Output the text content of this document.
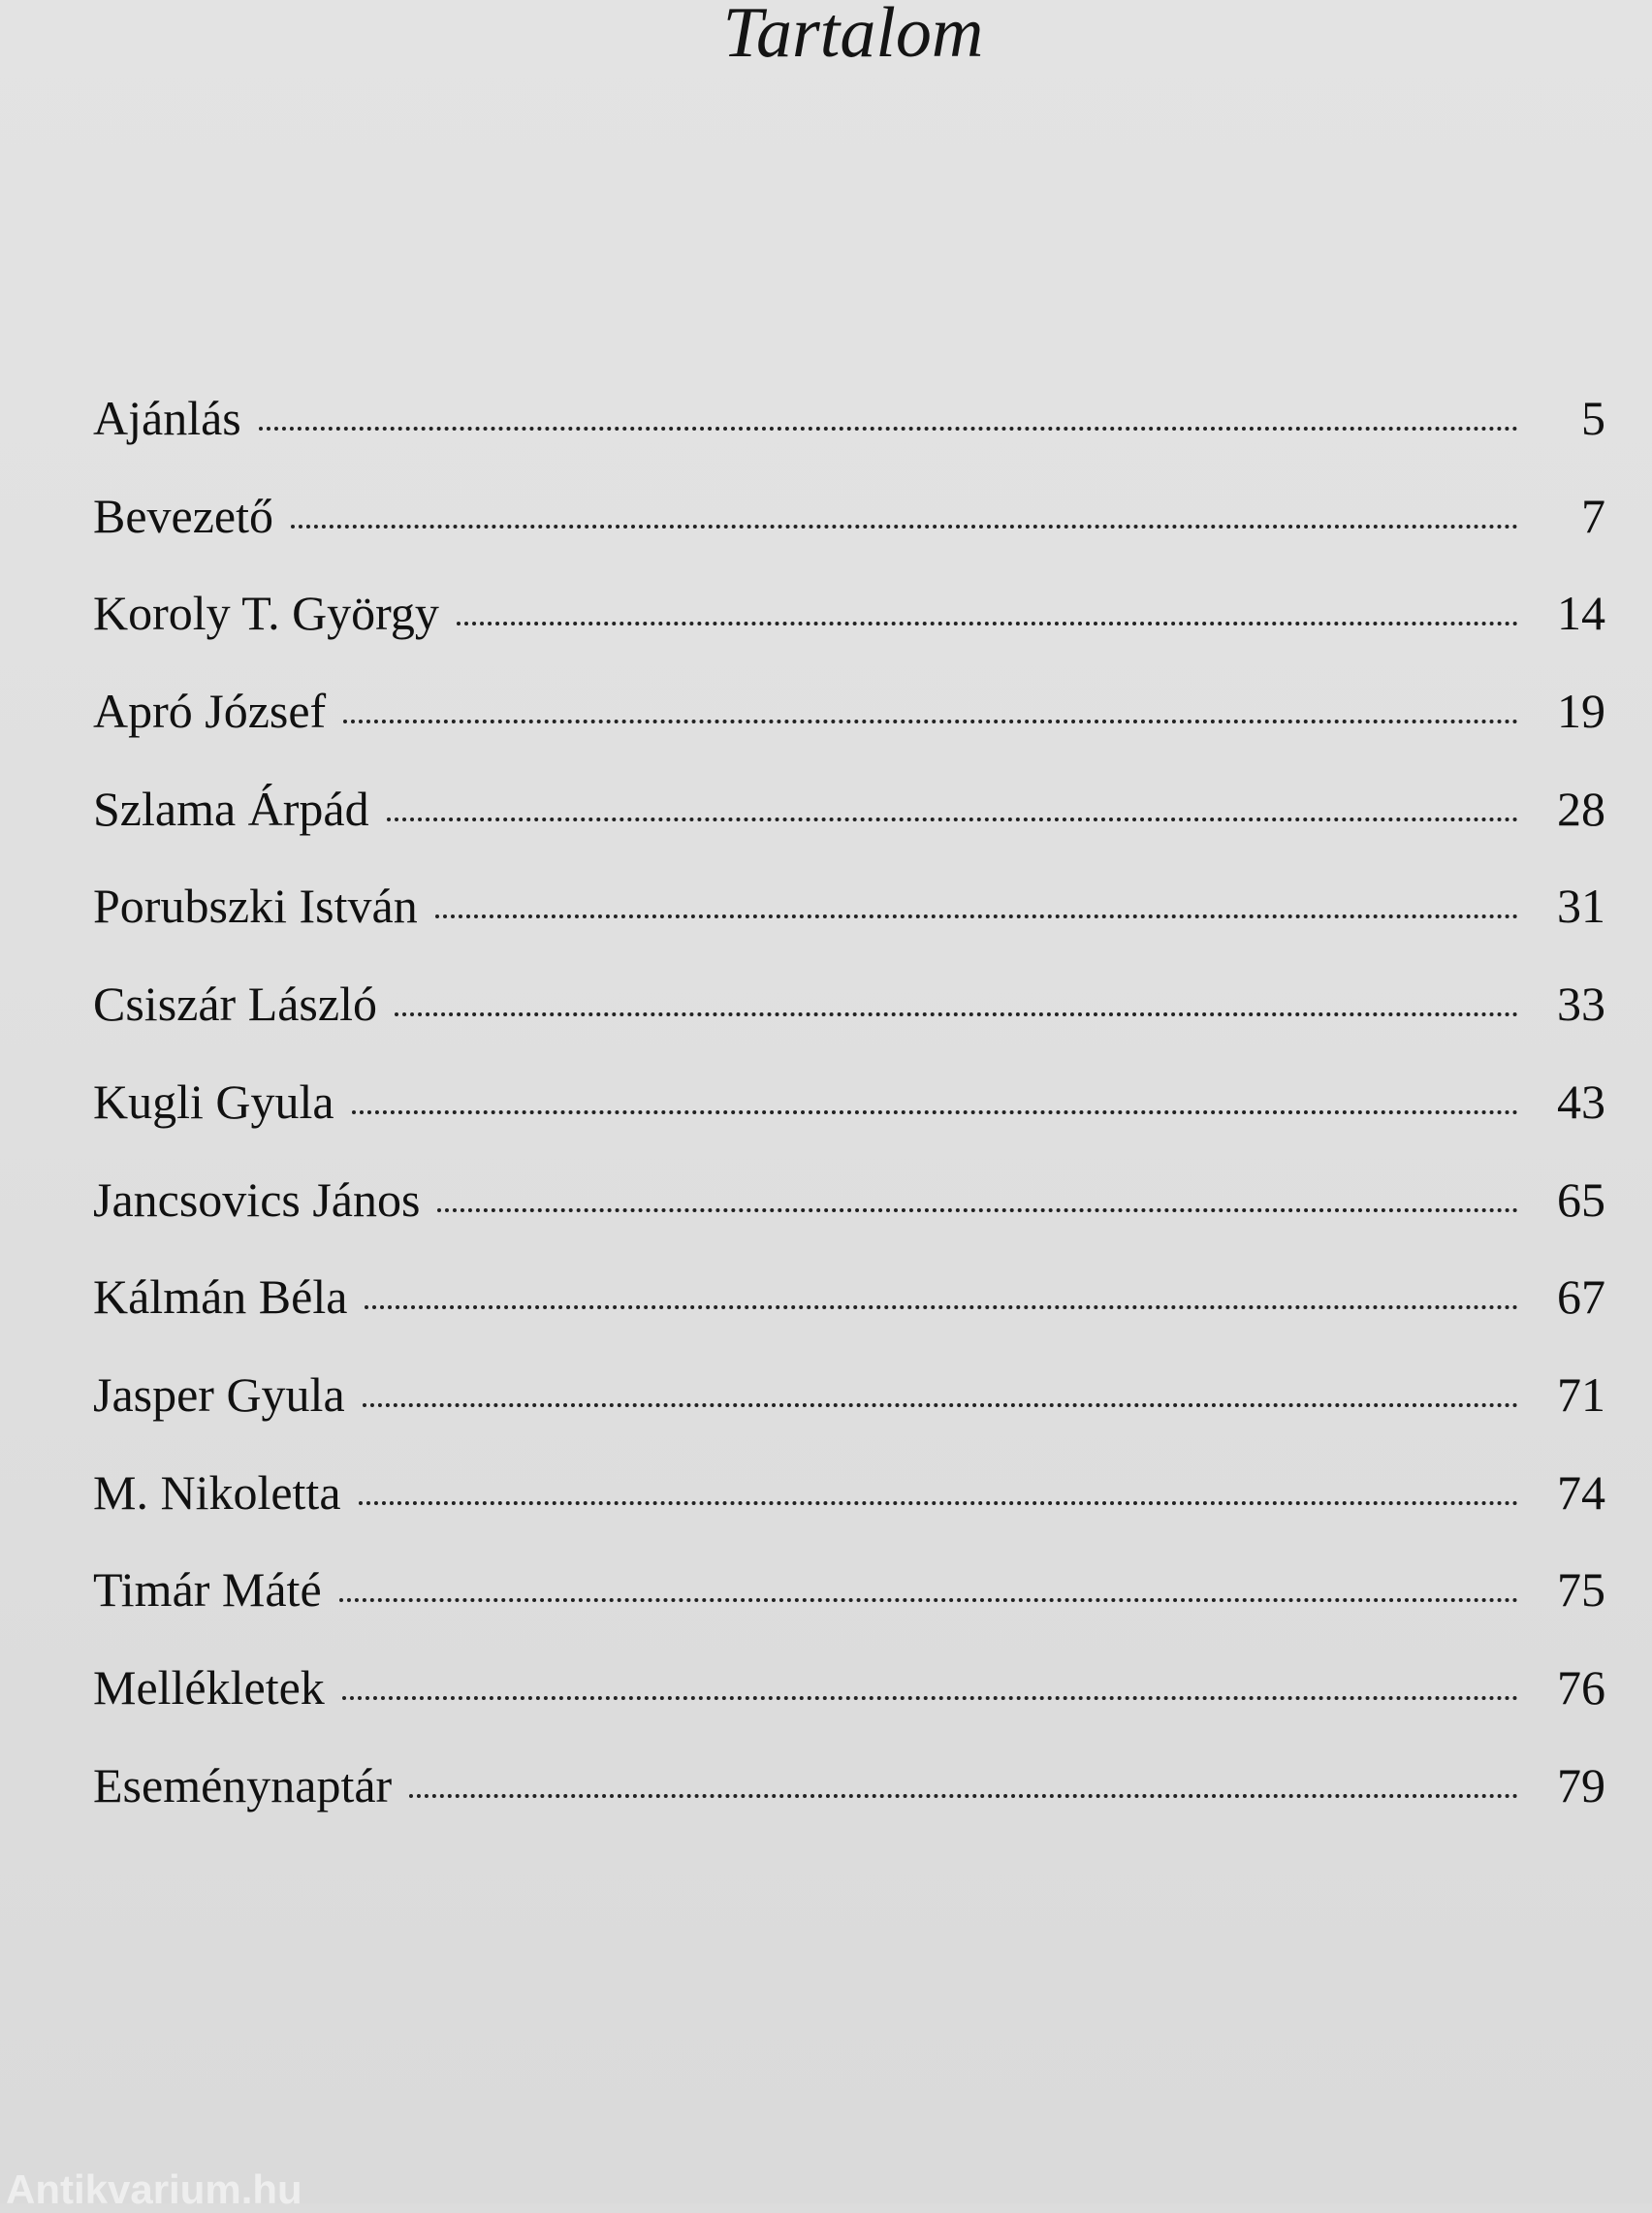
Tartalom
Ajánlás	5
Bevezető	7
Koroly T. György	14
Apró József	19
Szlama Árpád	28
Porubszki István	31
Csiszár László	33
Kugli Gyula	43
Jancsovics János	65
Kálmán Béla	67
Jasper Gyula	71
M. Nikoletta	74
Timár Máté	75
Mellékletek	76
Eseménynaptár	79
Antikvarium.hu
